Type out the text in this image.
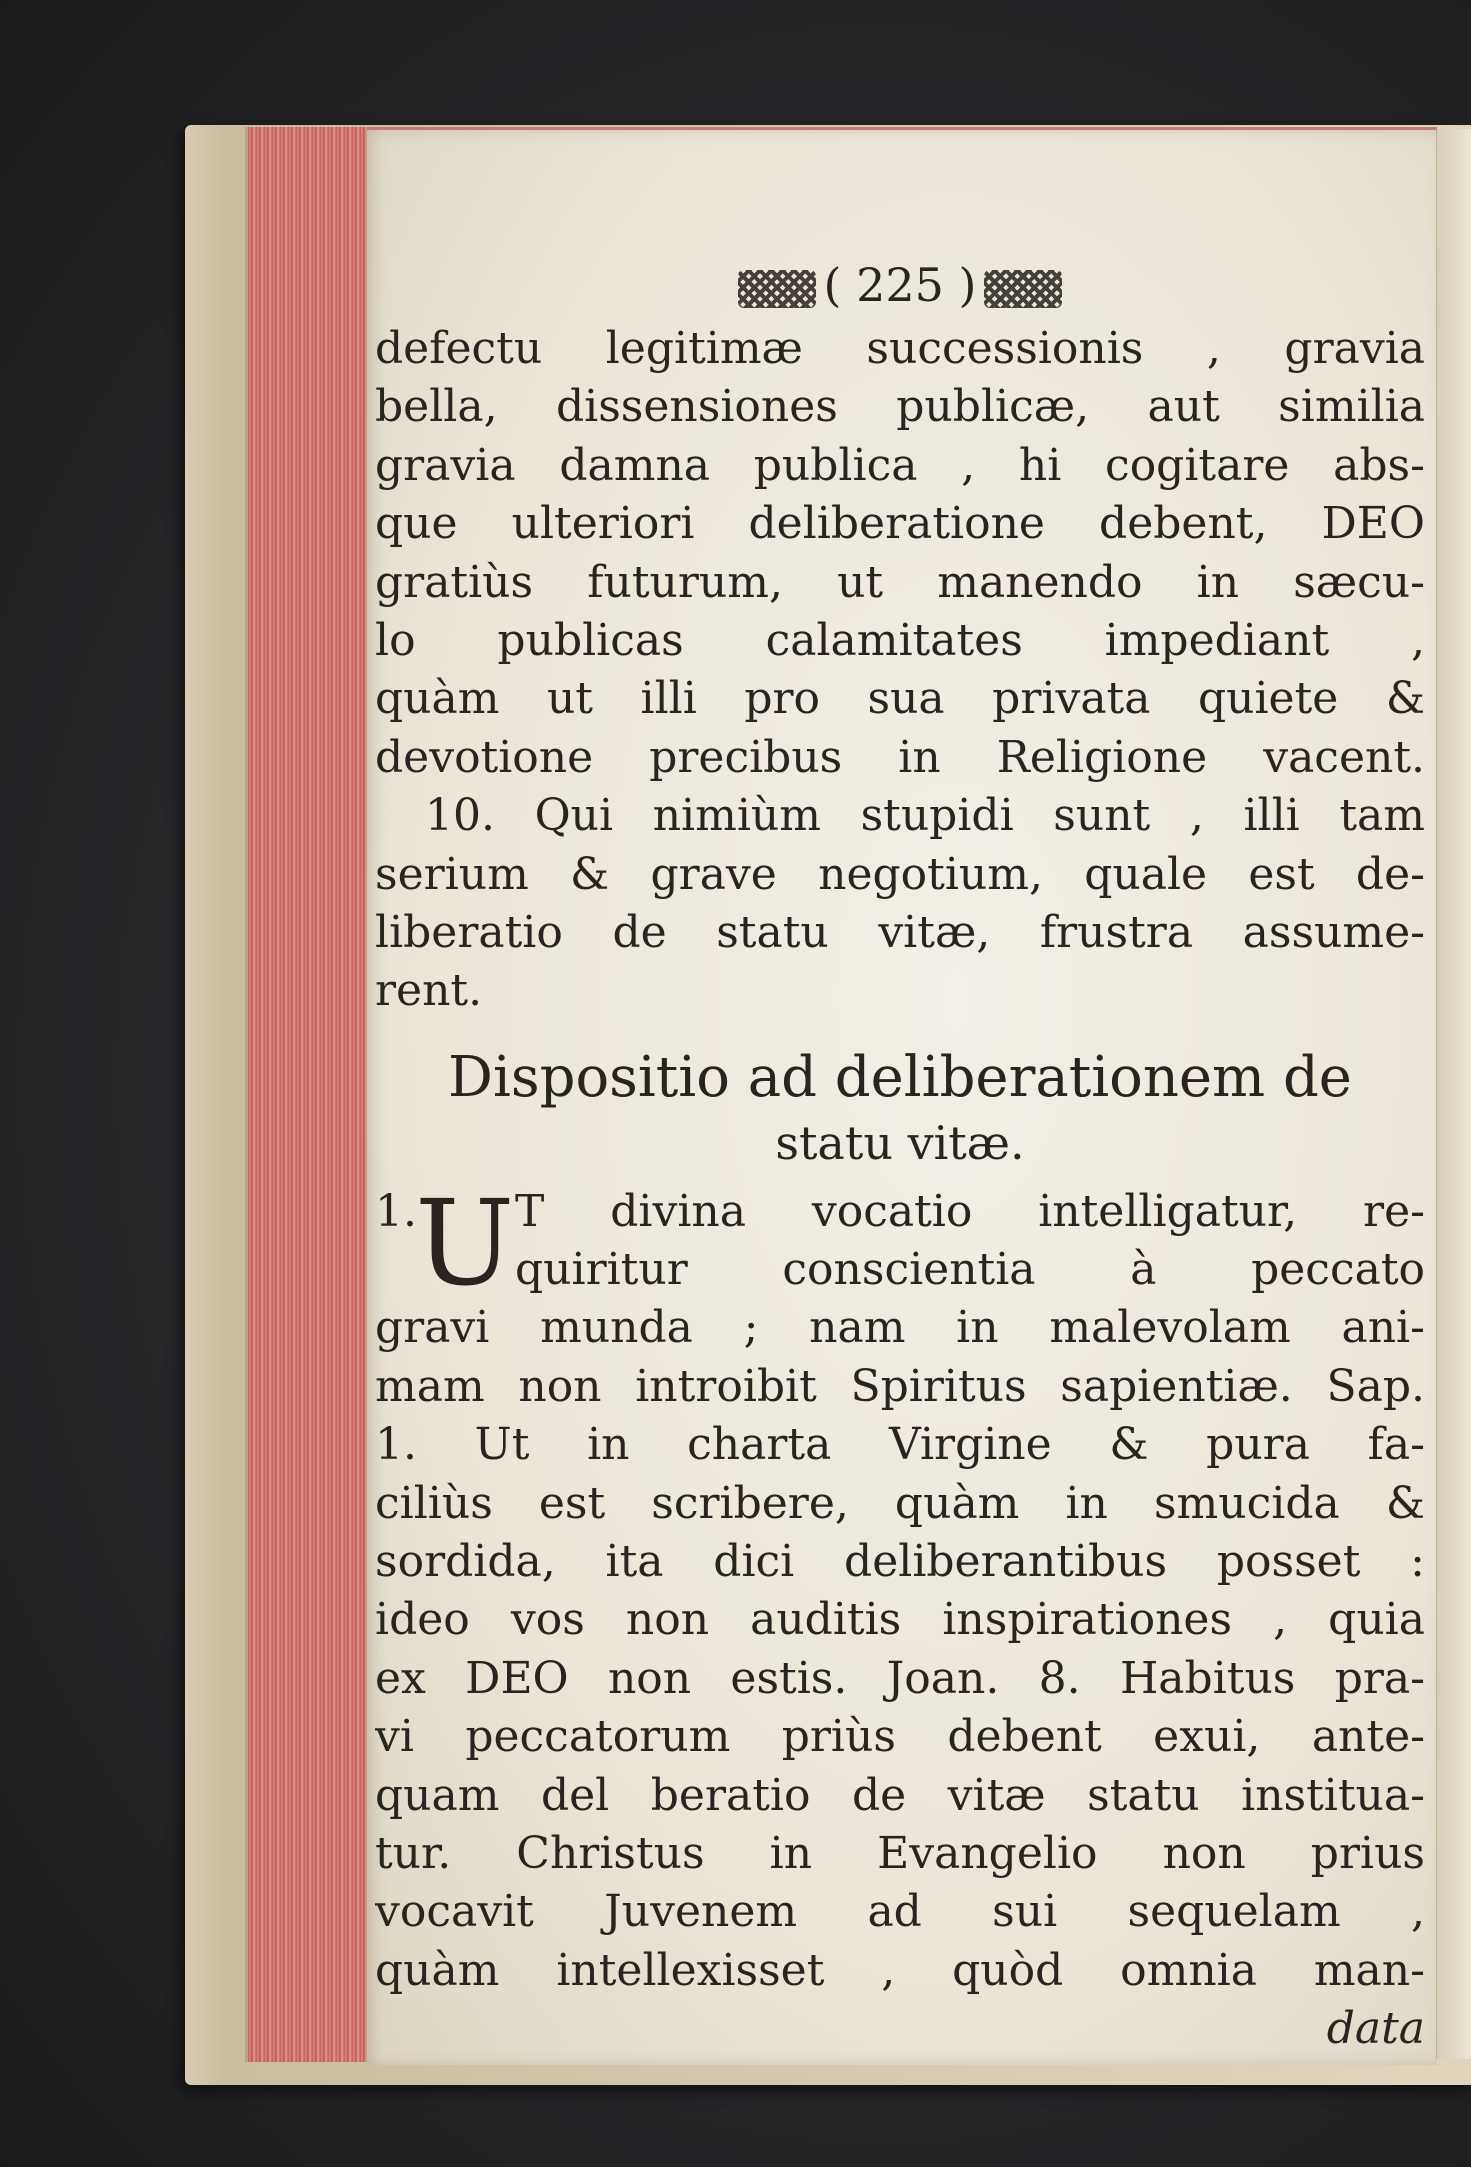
( 225 )
defectu legitimæ successionis , gravia
bella, dissensiones publicæ, aut similia
gravia damna publica , hi cogitare abs-
que ulteriori deliberatione debent, DEO
gratiùs futurum, ut manendo in sæcu-
lo publicas calamitates impediant ,
quàm ut illi pro sua privata quiete &
devotione precibus in Religione vacent.
10. Qui nimiùm stupidi sunt , illi tam
serium & grave negotium, quale est de-
liberatio de statu vitæ, frustra assume-
rent.
Dispositio ad deliberationem de
statu vitæ.
1.
U T divina vocatio intelligatur, re-
quiritur conscientia à peccato
gravi munda ; nam in malevolam ani-
mam non introibit Spiritus sapientiæ. Sap.
1. Ut in charta Virgine & pura fa-
ciliùs est scribere, quàm in smucida &
sordida, ita dici deliberantibus posset :
ideo vos non auditis inspirationes , quia
ex DEO non estis. Joan. 8. Habitus pra-
vi peccatorum priùs debent exui, ante-
quam del beratio de vitæ statu instituа-
tur. Christus in Evangelio non prius
vocavit Juvenem ad sui sequelam ,
quàm intellexisset , quòd omnia man-
data
